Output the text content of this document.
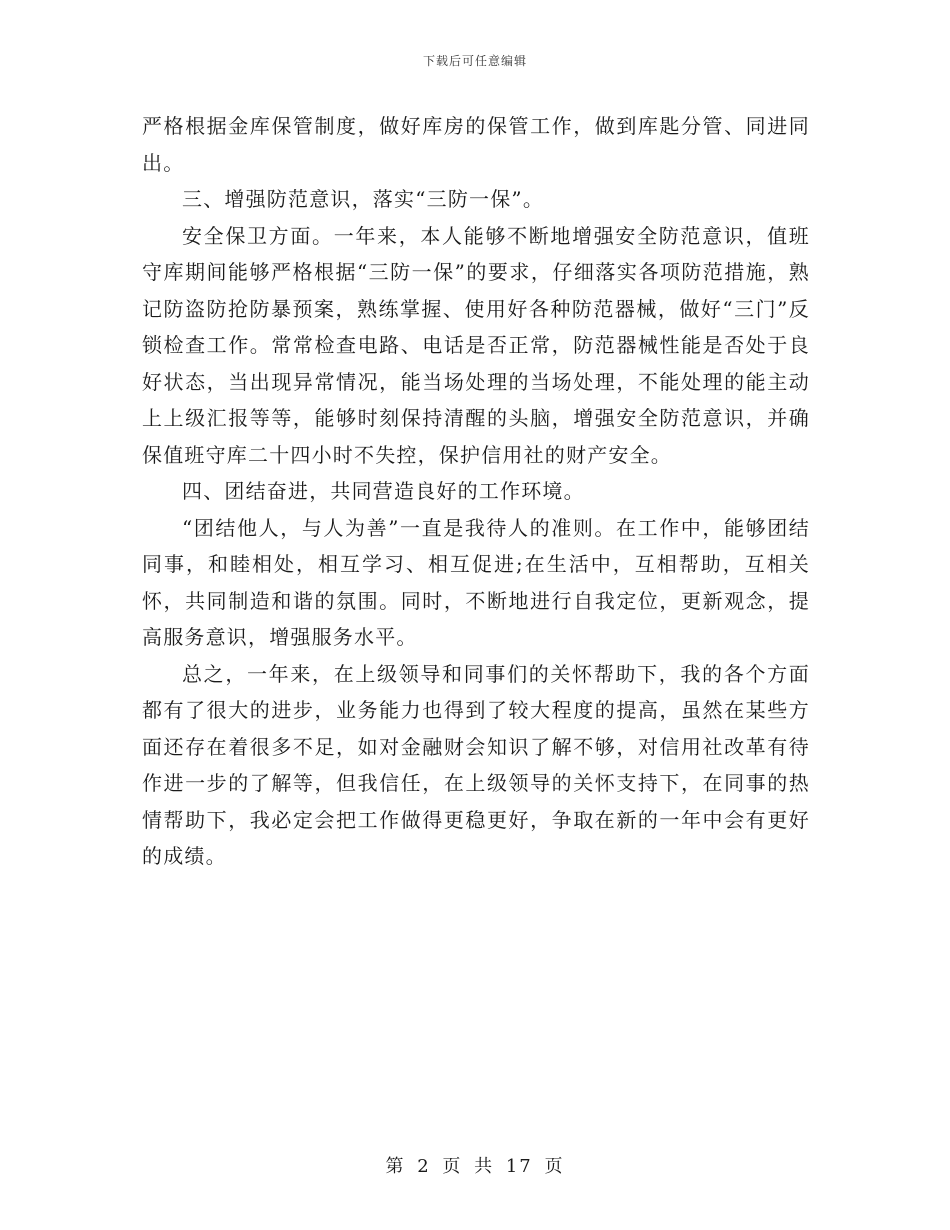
下载后可任意编辑

严格根据金库保管制度，做好库房的保管工作，做到库匙分管、同进同出。

三、增强防范意识，落实“三防一保”。

安全保卫方面。一年来，本人能够不断地增强安全防范意识，值班守库期间能够严格根据“三防一保”的要求，仔细落实各项防范措施，熟记防盗防抢防暴预案，熟练掌握、使用好各种防范器械，做好“三门”反锁检查工作。常常检查电路、电话是否正常，防范器械性能是否处于良好状态，当出现异常情况，能当场处理的当场处理，不能处理的能主动上上级汇报等等，能够时刻保持清醒的头脑，增强安全防范意识，并确保值班守库二十四小时不失控，保护信用社的财产安全。

四、团结奋进，共同营造良好的工作环境。

“团结他人，与人为善”一直是我待人的准则。在工作中，能够团结同事，和睦相处，相互学习、相互促进;在生活中，互相帮助，互相关怀，共同制造和谐的氛围。同时，不断地进行自我定位，更新观念，提高服务意识，增强服务水平。

总之，一年来，在上级领导和同事们的关怀帮助下，我的各个方面都有了很大的进步，业务能力也得到了较大程度的提高，虽然在某些方面还存在着很多不足，如对金融财会知识了解不够，对信用社改革有待作进一步的了解等，但我信任，在上级领导的关怀支持下，在同事的热情帮助下，我必定会把工作做得更稳更好，争取在新的一年中会有更好的成绩。

第 2 页 共 17 页
